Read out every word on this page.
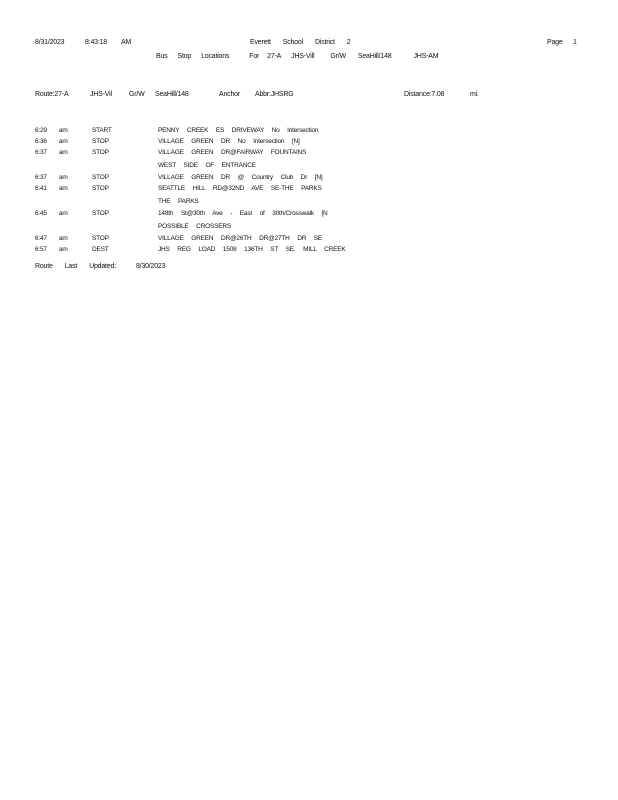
8/31/2023	8:43:18 AM	Everett School District 2	Page 1
Bus Stop Locations	For 27-A JHS-Vill Gr/W SeaHill/148	JHS-AM
Route:27-A	JHS-Vil Gr/W SeaHill/148	Anchor Abbr:JHSRG	Distance:7.08	mi.
6:29 am	START	PENNY CREEK ES DRIVEWAY No Intersection
6:36 am	STOP	VILLAGE GREEN DR No Intersection [N]
6:37 am	STOP	VILLAGE GREEN DR@FAIRWAY FOUNTAINS
WEST SIDE OF ENTRANCE
6:37 am	STOP	VILLAGE GREEN DR @ Country Club Dr [N]
6:41 am	STOP	SEATTLE HILL RD@32ND AVE SE-THE PARKS
THE PARKS
6:45 am	STOP	148th St@30th Ave - East of 30th/Crosswalk [N
POSSIBLE CROSSERS
6:47 am	STOP	VILLAGE GREEN DR@26TH DR@27TH DR SE
6:57 am	DEST	JHS REG LOAD 1508 136TH ST SE, MILL CREEK
Route Last Updated:	8/30/2023
